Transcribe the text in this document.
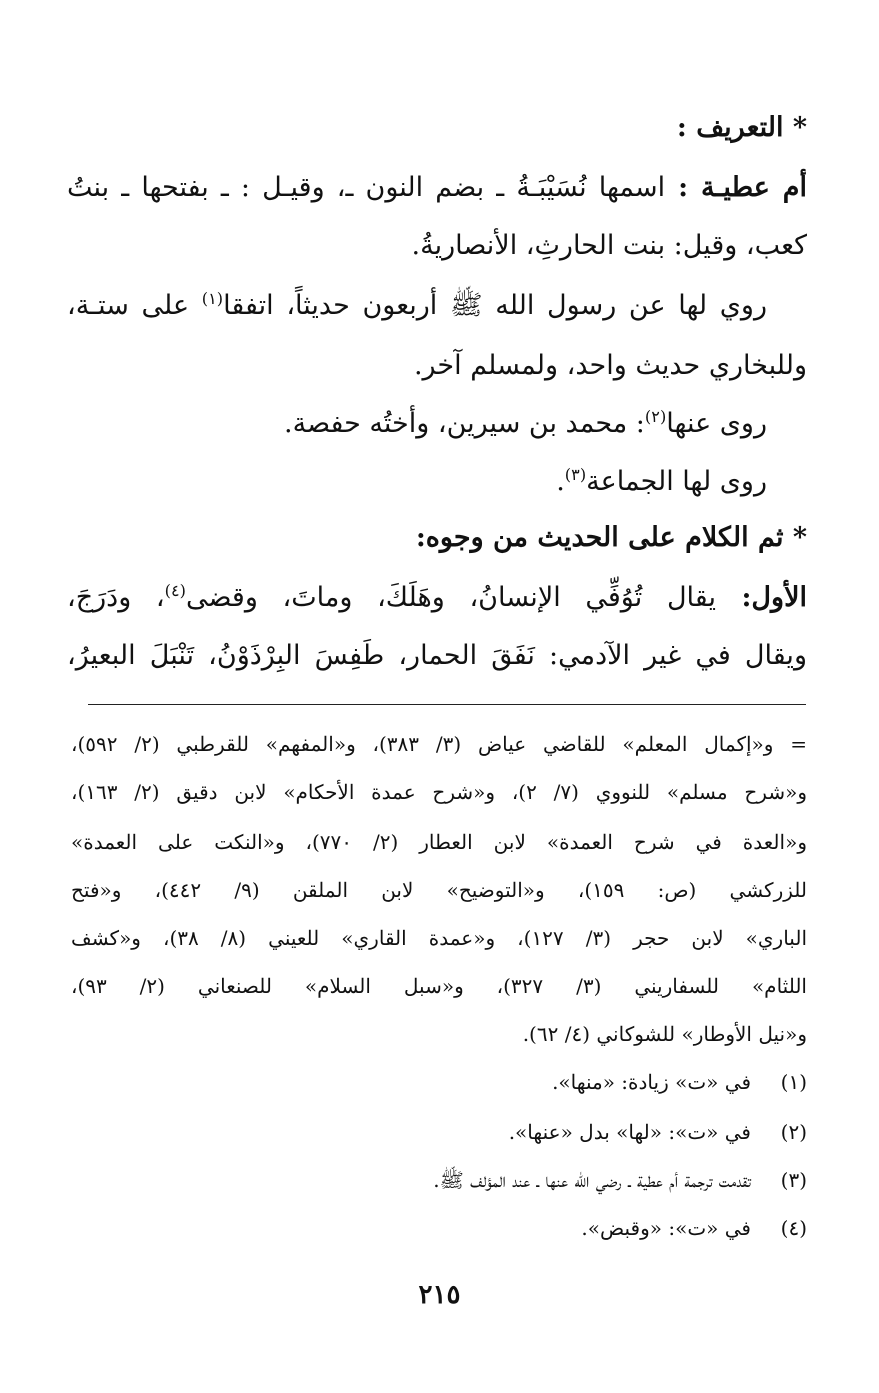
* التعريف :
أم عطيـة : اسمها نُسَيْبَـةُ ـ بضم النون ـ، وقيـل : ـ بفتحها ـ بنتُ
كعب، وقيل: بنت الحارثِ، الأنصاريةُ.
روي لها عن رسول الله ﷺ أربعون حديثاً، اتفقا$^{(١)}$ على ستـة،
وللبخاري حديث واحد، ولمسلم آخر.
روى عنها$^{(٢)}$: محمد بن سيرين، وأختُه حفصة.
روى لها الجماعة$^{(٣)}$.
* ثم الكلام على الحديث من وجوه:
الأول: يقال تُوُفِّي الإنسانُ، وهَلَكَ، وماتَ، وقضى$^{(٤)}$، ودَرَجَ،
ويقال في غير الآدمي: نَفَقَ الحمار، طَفِسَ البِرْذَوْنُ، تَنْبَلَ البعيرُ،
= و«إكمال المعلم» للقاضي عياض (٣/ ٣٨٣)، و«المفهم» للقرطبي (٢/ ٥٩٢)،
و«شرح مسلم» للنووي (٧/ ٢)، و«شرح عمدة الأحكام» لابن دقيق (٢/ ١٦٣)،
و«العدة في شرح العمدة» لابن العطار (٢/ ٧٧٠)، و«النكت على العمدة»
للزركشي (ص: ١٥٩)، و«التوضيح» لابن الملقن (٩/ ٤٤٢)، و«فتح
الباري» لابن حجر (٣/ ١٢٧)، و«عمدة القاري» للعيني (٨/ ٣٨)، و«كشف
اللثام» للسفاريني (٣/ ٣٢٧)، و«سبل السلام» للصنعاني (٢/ ٩٣)،
و«نيل الأوطار» للشوكاني (٤/ ٦٢).
(١)
في «ت» زيادة: «منها».
(٢)
في «ت»: «لها» بدل «عنها».
(٣)
تقدمت ترجمة أم عطية ـ رضي الله عنها ـ عند المؤلف ﷺ.
(٤)
في «ت»: «وقبض».
٢١٥
